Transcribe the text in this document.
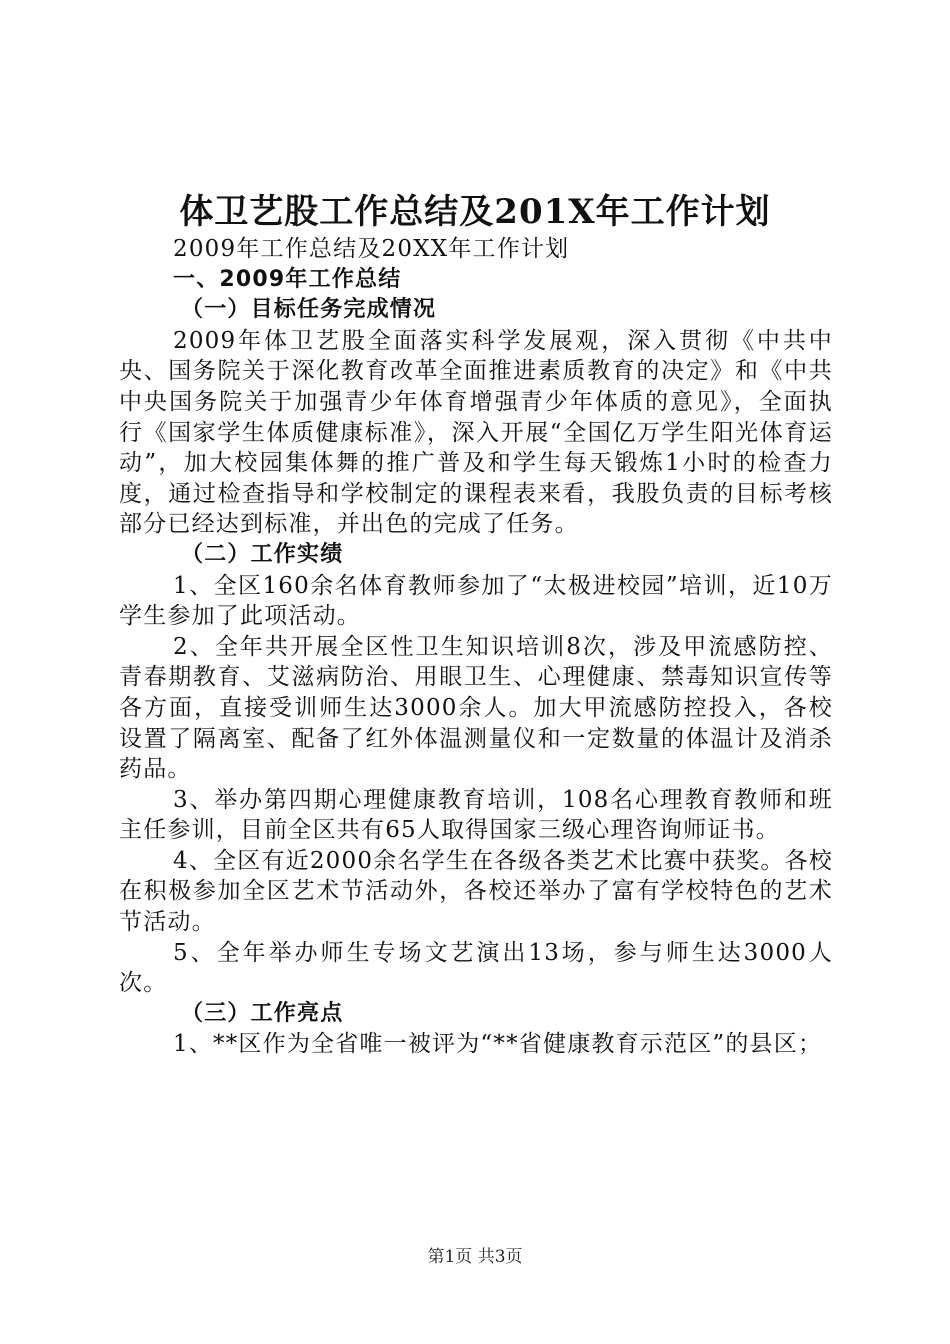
体卫艺股工作总结及201X年工作计划

2009年工作总结及20XX年工作计划

一、2009年工作总结

（一）目标任务完成情况

2009年体卫艺股全面落实科学发展观，深入贯彻《中共中央、国务院关于深化教育改革全面推进素质教育的决定》和《中共中央国务院关于加强青少年体育增强青少年体质的意见》，全面执行《国家学生体质健康标准》，深入开展“全国亿万学生阳光体育运动”，加大校园集体舞的推广普及和学生每天锻炼1小时的检查力度，通过检查指导和学校制定的课程表来看，我股负责的目标考核部分已经达到标准，并出色的完成了任务。

（二）工作实绩

1、全区160余名体育教师参加了“太极进校园”培训，近10万学生参加了此项活动。

2、全年共开展全区性卫生知识培训8次，涉及甲流感防控、青春期教育、艾滋病防治、用眼卫生、心理健康、禁毒知识宣传等各方面，直接受训师生达3000余人。加大甲流感防控投入，各校设置了隔离室、配备了红外体温测量仪和一定数量的体温计及消杀药品。

3、举办第四期心理健康教育培训，108名心理教育教师和班主任参训，目前全区共有65人取得国家三级心理咨询师证书。

4、全区有近2000余名学生在各级各类艺术比赛中获奖。各校在积极参加全区艺术节活动外，各校还举办了富有学校特色的艺术节活动。

5、全年举办师生专场文艺演出13场，参与师生达3000人次。

（三）工作亮点

1、**区作为全省唯一被评为“**省健康教育示范区”的县区；

第1页 共3页
